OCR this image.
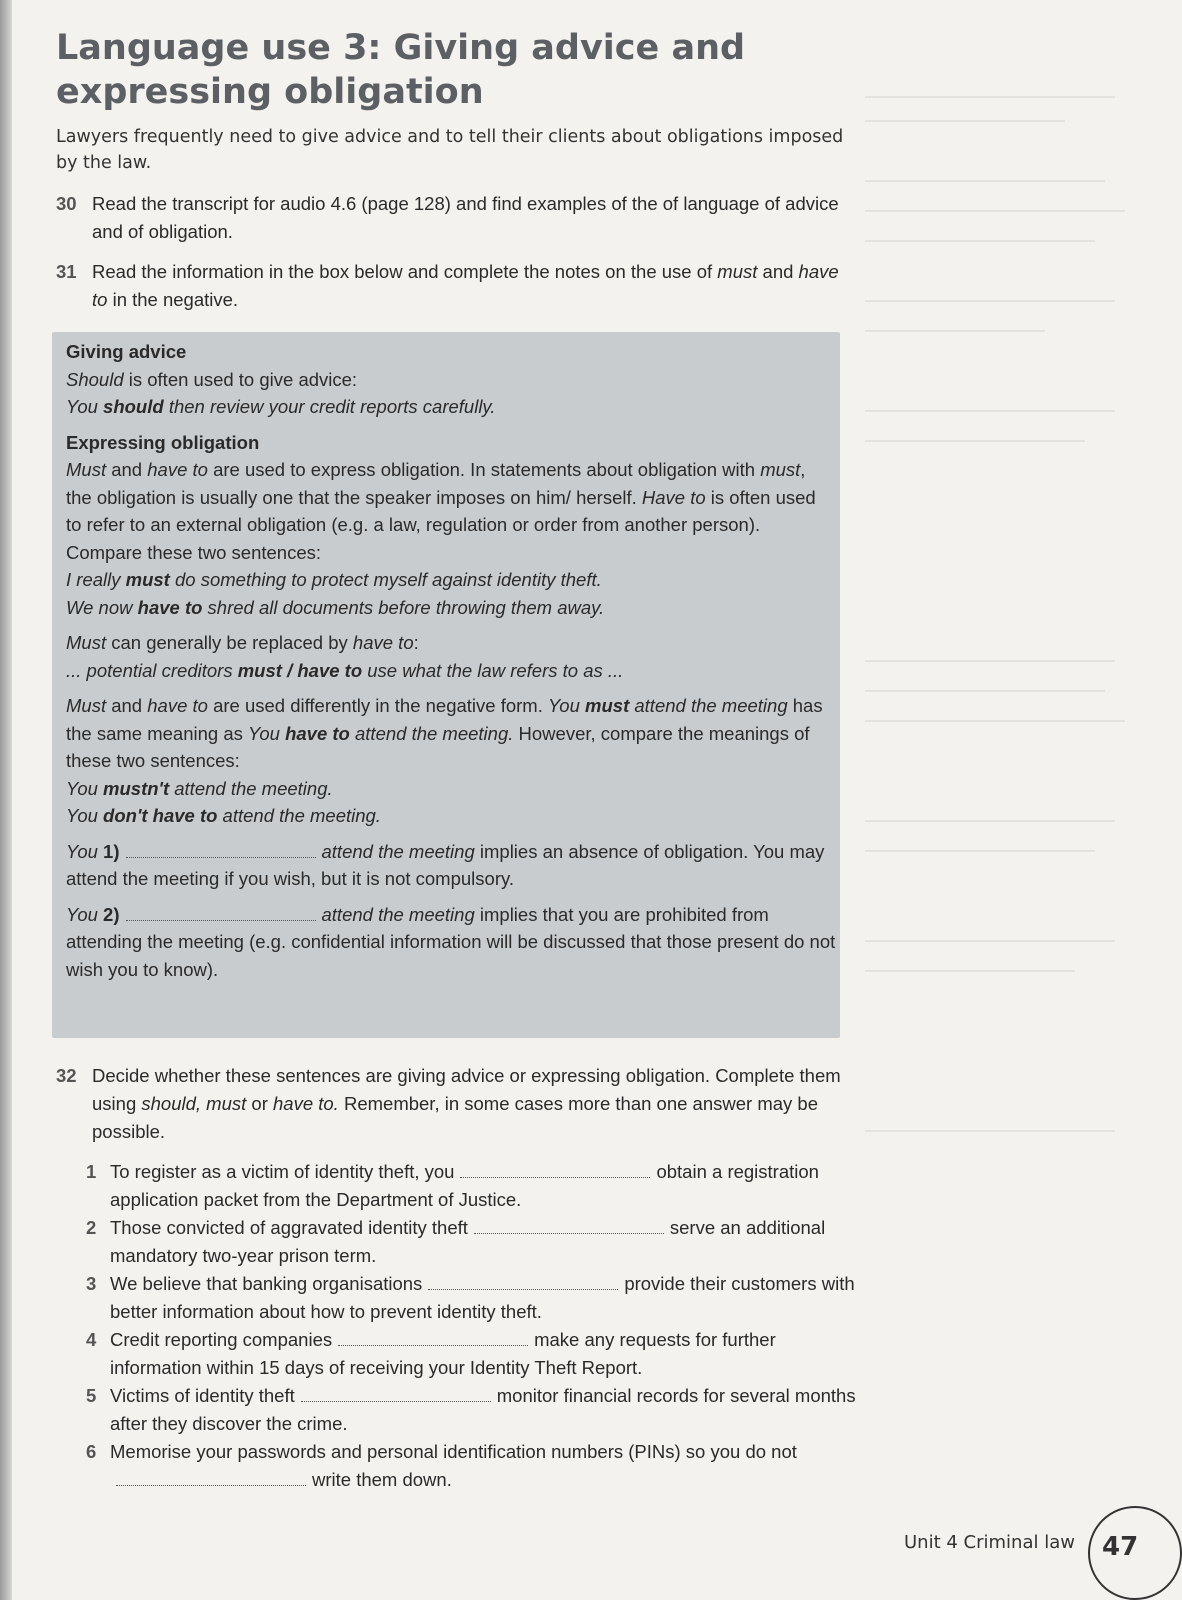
Language use 3: Giving advice and expressing obligation

Lawyers frequently need to give advice and to tell their clients about obligations imposed by the law.

30 Read the transcript for audio 4.6 (page 128) and find examples of the of language of advice and of obligation.
31 Read the information in the box below and complete the notes on the use of must and have to in the negative.
Giving advice

Should is often used to give advice:

You should then review your credit reports carefully.

Expressing obligation

Must and have to are used to express obligation. In statements about obligation with must, the obligation is usually one that the speaker imposes on him/ herself. Have to is often used to refer to an external obligation (e.g. a law, regulation or order from another person). Compare these two sentences:

I really must do something to protect myself against identity theft.

We now have to shred all documents before throwing them away.

Must can generally be replaced by have to:

... potential creditors must / have to use what the law refers to as ...

Must and have to are used differently in the negative form. You must attend the meeting has the same meaning as You have to attend the meeting. However, compare the meanings of these two sentences:

You mustn't attend the meeting.

You don't have to attend the meeting.

You 1)	attend the meeting implies an absence of obligation. You may attend the meeting if you wish, but it is not compulsory.

You 2)	attend the meeting implies that you are prohibited from attending the meeting (e.g. confidential information will be discussed that those present do not wish you to know).

32 Decide whether these sentences are giving advice or expressing obligation. Complete them using should, must or have to. Remember, in some cases more than one answer may be possible.
1 To register as a victim of identity theft, you	obtain a registration application packet from the Department of Justice.
2 Those convicted of aggravated identity theft	serve an additional mandatory two-year prison term.
3 We believe that banking organisations	provide their customers with better information about how to prevent identity theft.
4 Credit reporting companies	make any requests for further information within 15 days of receiving your Identity Theft Report.
5 Victims of identity theft	monitor financial records for several months after they discover the crime.
6 Memorise your passwords and personal identification numbers (PINs) so you do notwrite them down.
Unit 4 Criminal law 47
